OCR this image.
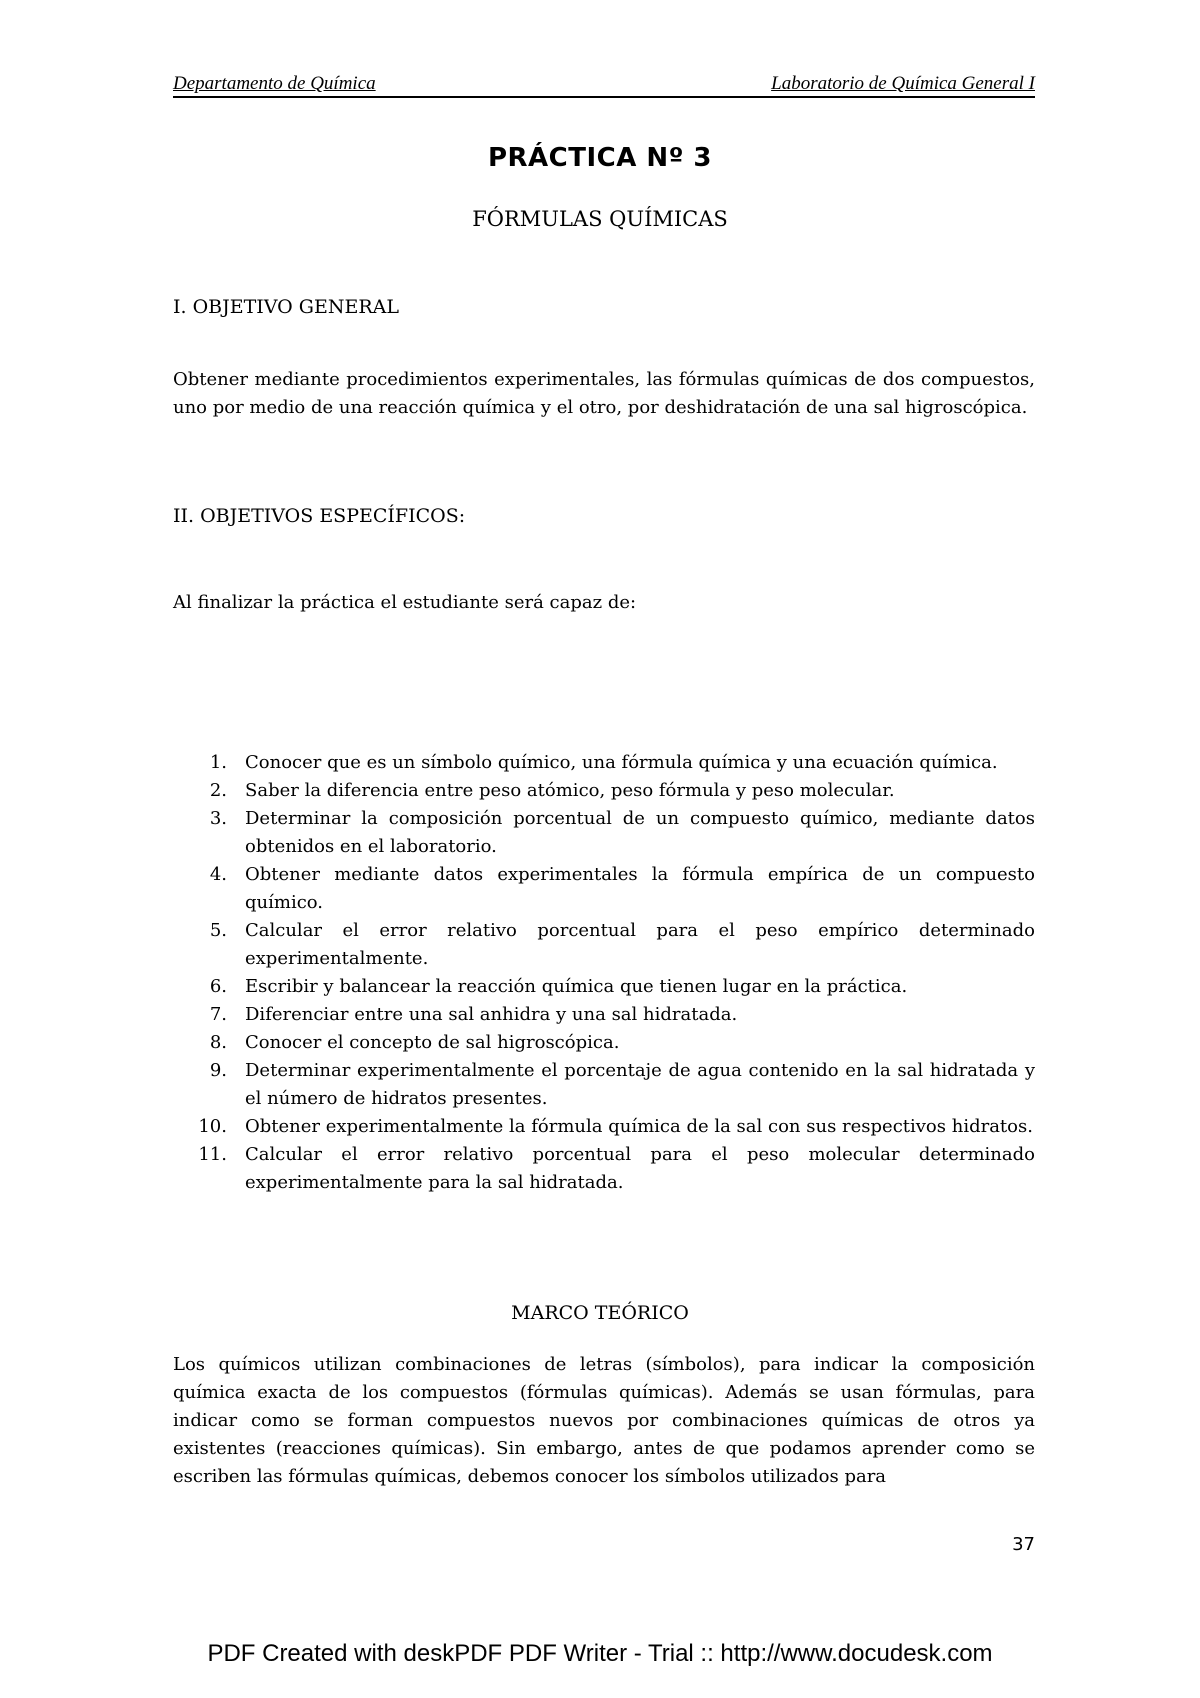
Departamento de Química	Laboratorio de Química General I
PRÁCTICA Nº 3
FÓRMULAS QUÍMICAS
I. OBJETIVO GENERAL
Obtener mediante procedimientos experimentales, las fórmulas químicas de dos compuestos, uno por medio de una reacción química y el otro, por deshidratación de una sal higroscópica.
II. OBJETIVOS ESPECÍFICOS:
Al finalizar la práctica el estudiante será capaz de:
1. Conocer que es un símbolo químico, una fórmula química y una ecuación química.
2. Saber la diferencia entre peso atómico, peso fórmula y peso molecular.
3. Determinar la composición porcentual de un compuesto químico, mediante datos obtenidos en el laboratorio.
4. Obtener mediante datos experimentales la fórmula empírica de un compuesto químico.
5. Calcular el error relativo porcentual para el peso empírico determinado experimentalmente.
6. Escribir y balancear la reacción química que tienen lugar en la práctica.
7. Diferenciar entre una sal anhidra y una sal hidratada.
8. Conocer el concepto de sal higroscópica.
9. Determinar experimentalmente el porcentaje de agua contenido en la sal hidratada y el número de hidratos presentes.
10. Obtener experimentalmente la fórmula química de la sal con sus respectivos hidratos.
11. Calcular el error relativo porcentual para el peso molecular determinado experimentalmente para la sal hidratada.
MARCO TEÓRICO
Los químicos utilizan combinaciones de letras (símbolos), para indicar la composición química exacta de los compuestos (fórmulas químicas). Además se usan fórmulas, para indicar como se forman compuestos nuevos por combinaciones químicas de otros ya existentes (reacciones químicas). Sin embargo, antes de que podamos aprender como se escriben las fórmulas químicas, debemos conocer los símbolos utilizados para
37
PDF Created with deskPDF PDF Writer - Trial :: http://www.docudesk.com
